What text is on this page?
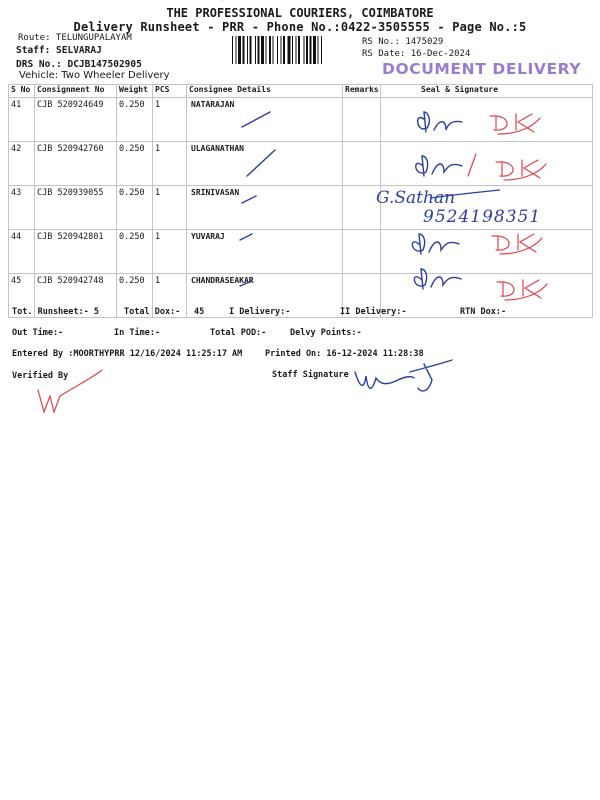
THE PROFESSIONAL COURIERS, COIMBATORE
Delivery Runsheet - PRR - Phone No.:0422-3505555 - Page No.:5
Route: TELUNGUPALAYAM
Staff: SELVARAJ
DRS No.: DCJB147502905
Vehicle: Two Wheeler Delivery
RS No.: 1475029
RS Date: 16-Dec-2024
DOCUMENT DELIVERY
S No	Consignment No	Weight	PCS	Consignee Details	Remarks	Seal & Signature
41	CJB 520924649	0.250	1	NATARAJAN		
42	CJB 520942760	0.250	1	ULAGANATHAN		
43	CJB 520939055	0.250	1	SRINIVASAN		
44	CJB 520942801	0.250	1	YUVARAJ		
45	CJB 520942748	0.250	1	CHANDRASEAKAR		
Tot. Runsheet:- 5	Total Dox:- 45	I Delivery:-	II Delivery:-	RTN Dox:-
Out Time:-	In Time:-	Total POD:-	Delvy Points:-
Entered By :MOORTHYPRR 12/16/2024 11:25:17 AM	Printed On: 16-12-2024 11:28:38
Verified By	Staff Signature
G.Sathan
9524198351
'
